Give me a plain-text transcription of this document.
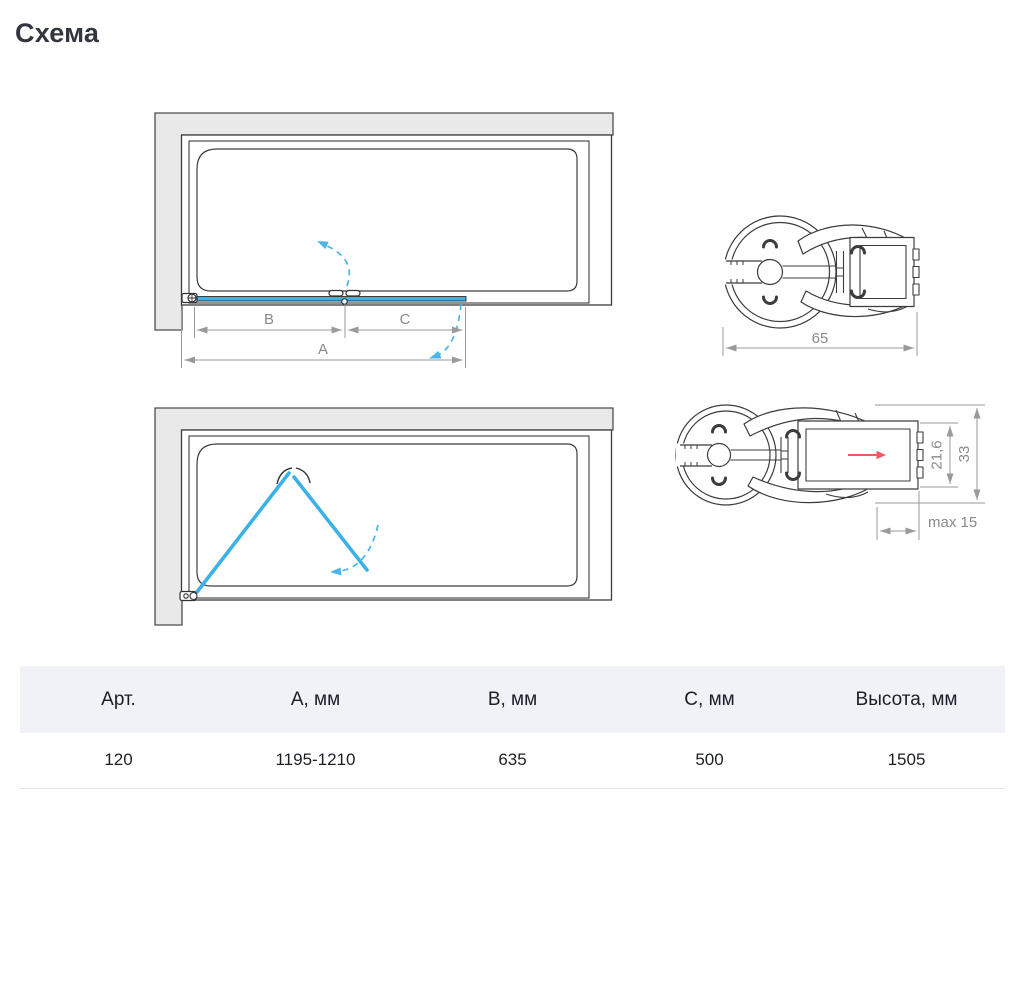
Схема
B	C
A
65
21,6 33
max 15
Арт.	А, мм	В, мм	С, мм	Высота, мм
120	1195-1210	635	500	1505
